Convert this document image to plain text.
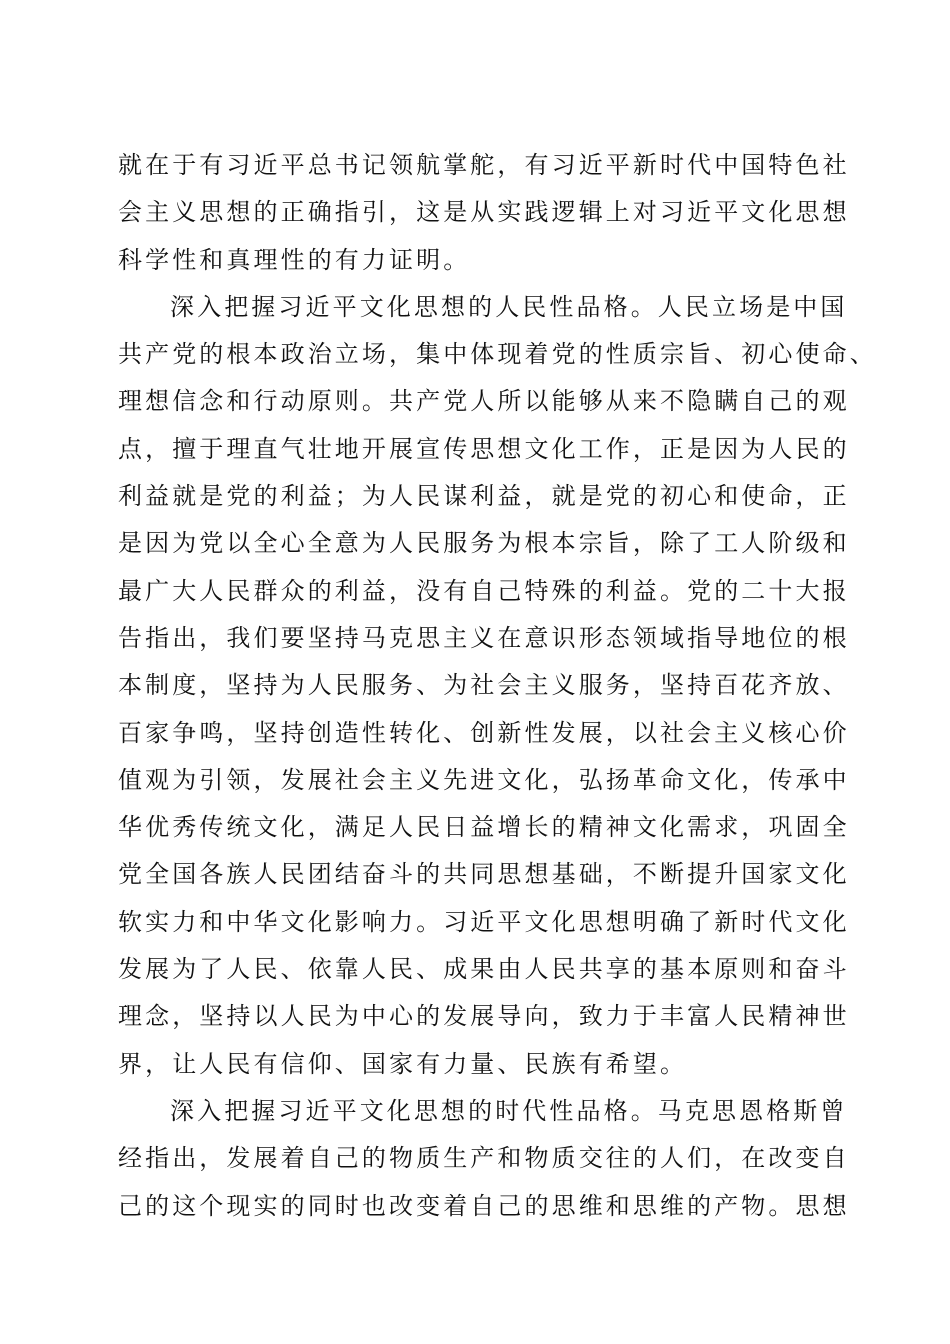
就在于有习近平总书记领航掌舵，有习近平新时代中国特色社
会主义思想的正确指引，这是从实践逻辑上对习近平文化思想
科学性和真理性的有力证明。
深入把握习近平文化思想的人民性品格。人民立场是中国
共产党的根本政治立场，集中体现着党的性质宗旨、初心使命、
理想信念和行动原则。共产党人所以能够从来不隐瞒自己的观
点，擅于理直气壮地开展宣传思想文化工作，正是因为人民的
利益就是党的利益；为人民谋利益，就是党的初心和使命，正
是因为党以全心全意为人民服务为根本宗旨，除了工人阶级和
最广大人民群众的利益，没有自己特殊的利益。党的二十大报
告指出，我们要坚持马克思主义在意识形态领域指导地位的根
本制度，坚持为人民服务、为社会主义服务，坚持百花齐放、
百家争鸣，坚持创造性转化、创新性发展，以社会主义核心价
值观为引领，发展社会主义先进文化，弘扬革命文化，传承中
华优秀传统文化，满足人民日益增长的精神文化需求，巩固全
党全国各族人民团结奋斗的共同思想基础，不断提升国家文化
软实力和中华文化影响力。习近平文化思想明确了新时代文化
发展为了人民、依靠人民、成果由人民共享的基本原则和奋斗
理念，坚持以人民为中心的发展导向，致力于丰富人民精神世
界，让人民有信仰、国家有力量、民族有希望。
深入把握习近平文化思想的时代性品格。马克思恩格斯曾
经指出，发展着自己的物质生产和物质交往的人们，在改变自
己的这个现实的同时也改变着自己的思维和思维的产物。思想
